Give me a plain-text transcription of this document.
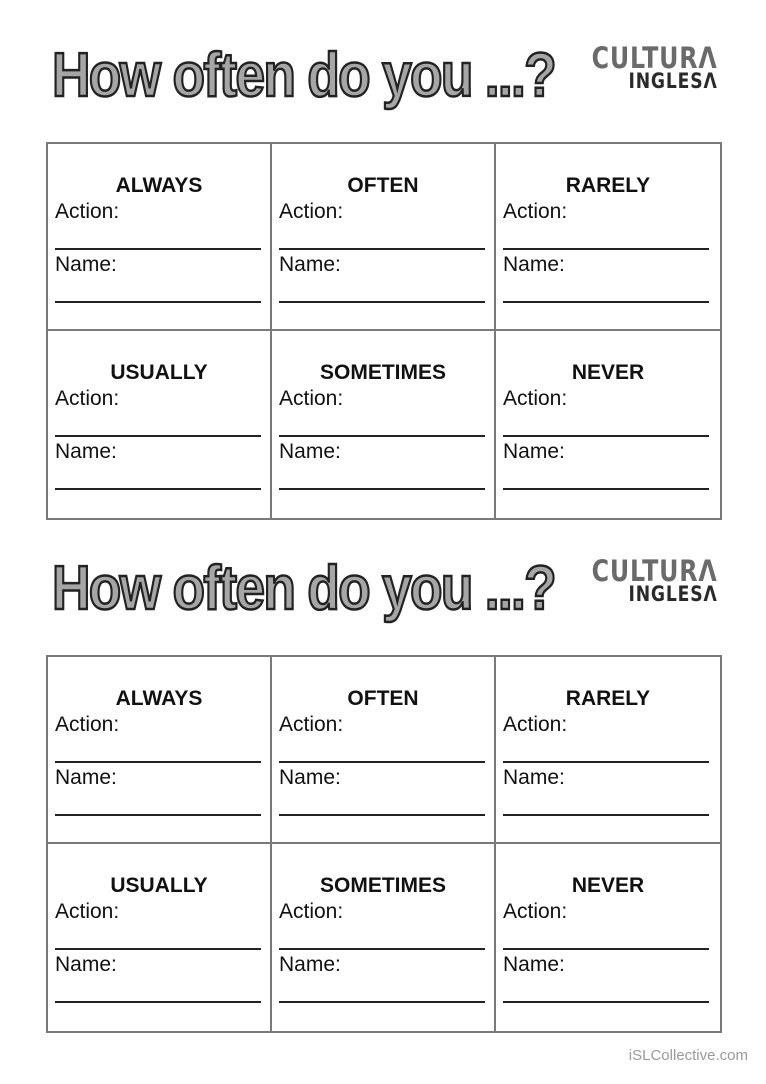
How often do you ...? CULTURΛ
INGLESΛ
ALWAYS
Action:
Name:
OFTEN
Action:
Name:
RARELY
Action:
Name:
USUALLY
Action:
Name:
SOMETIMES
Action:
Name:
NEVER
Action:
Name:
How often do you ...? CULTURΛ
INGLESΛ
ALWAYS
Action:
Name:
OFTEN
Action:
Name:
RARELY
Action:
Name:
USUALLY
Action:
Name:
SOMETIMES
Action:
Name:
NEVER
Action:
Name:
iSLCollective.com
